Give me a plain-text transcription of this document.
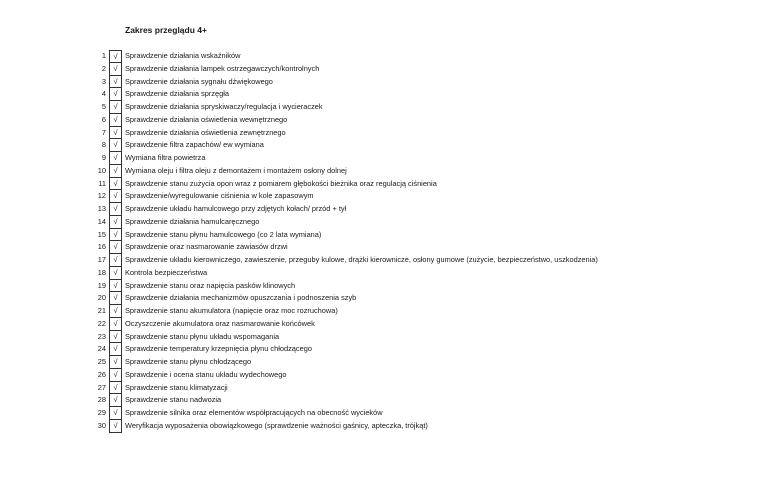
Zakres przeglądu 4+
1	√	Sprawdzenie działania wskaźników
2	√	Sprawdzenie działania lampek ostrzegawczych/kontrolnych
3	√	Sprawdzenie działania sygnału dźwiękowego
4	√	Sprawdzenie działania sprzęgła
5	√	Sprawdzenie działania spryskiwaczy/regulacja i wycieraczek
6	√	Sprawdzenie działania oświetlenia wewnętrznego
7	√	Sprawdzenie działania oświetlenia zewnętrznego
8	√	Sprawdzenie filtra zapachów/ ew wymiana
9	√	Wymiana filtra powietrza
10	√	Wymiana oleju i filtra oleju z demontażem i montażem osłony dolnej
11	√	Sprawdzenie stanu zużycia opon wraz z pomiarem głębokości bieżnika oraz regulacją ciśnienia
12	√	Sprawdzenie/wyregulowanie ciśnienia w kole zapasowym
13	√	Sprawdzenie układu hamulcowego przy zdjętych kołach/ przód + tył
14	√	Sprawdzenie działania hamulcaręcznego
15	√	Sprawdzenie stanu płynu hamulcowego (co 2 lata wymiana)
16	√	Sprawdzenie oraz nasmarowanie zawiasów drzwi
17	√	Sprawdzenie układu kierowniczego, zawieszenie, przeguby kulowe, drążki kierownicze, osłony gumowe (zużycie, bezpieczeństwo, uszkodzenia)
18	√	Kontrola bezpieczeństwa
19	√	Sprawdzenie stanu oraz napięcia pasków klinowych
20	√	Sprawdzenie działania mechanizmów opuszczania i podnoszenia szyb
21	√	Sprawdzenie stanu akumulatora (napięcie oraz moc rozruchowa)
22	√	Oczyszczenie akumulatora oraz nasmarowanie końcówek
23	√	Sprawdzenie stanu płynu układu wspomagania
24	√	Sprawdzenie temperatury krzepnięcia płynu chłodzącego
25	√	Sprawdzenie stanu płynu chłodzącego
26	√	Sprawdzenie i ocena stanu układu wydechowego
27	√	Sprawdzenie stanu klimatyzacji
28	√	Sprawdzenie stanu nadwozia
29	√	Sprawdzenie silnika oraz elementów współpracujących na obecność wycieków
30	√	Weryfikacja wyposażenia obowiązkowego (sprawdzenie ważności gaśnicy, apteczka, trójkąt)
